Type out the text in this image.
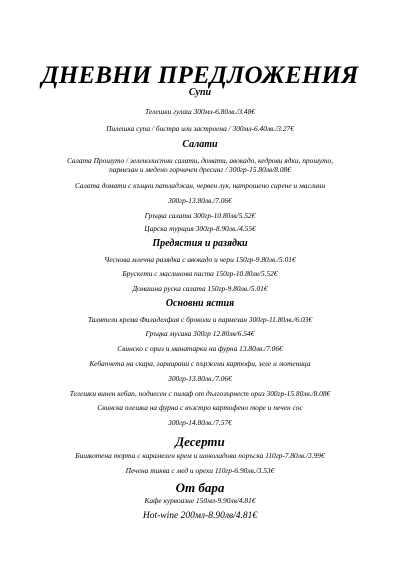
ДНЕВНИ ПРЕДЛОЖЕНИЯ
Супи
Телешки гулаш 300мл-6.80лв./3.48€
Пилешка супа / бистра или застроена / 300мл-6.40лв./3.27€
Салати
Салата Прошуто / зеленолистни салати, домати, авокадо, кедрови ядки, прошуто,
пармезан и медено горчичен дресинг / 300гр-15.80лв/8.08€
Салата домати с къщни патладжан, червен лук, натрошено сирене и маслини
300гр-13.80лв./7.06€
Гръцка салата 300гр-10.80лв/5.52€
Царска турщия 300гр-8.90лв./4.55€
Предястия и разядки
Чеснова млечна разядка с авокадо и чери 150гр-9.80лв./5.01€
Брускети с маслинова паста 150гр-10.80лв/5.52€
Домашна руска салата 150гр-9.80лв./5.01€
Основни ястия
Талятели крема Филаделфия с броколи и пармезан 300гр-11.80лв./6.03€
Гръцка мусака 300гр 12.80лв/6.54€
Свинско с ориз и манатарки на фурна 13.80лв./7.06€
Кебапчета на скара, гарнирани с пържени картофи, зеле и лютеница
300гр-13.80лв./7.06€
Телешки винен кебап, поднесен с пилаф от дългозърнест ориз 300гр-15.80лв./8.08€
Свинска плешка на фурна с възстро картофено пюре и печен сос
300гр-14.80лв./7.57€
Десерти
Бишкотена торта с карамелен крем и шоколадова поръска 110гр-7.80лв./3.99€
Печена тиква с мед и орехи 110гр-6.90лв./3.53€
От бара
Кафе курвоазие 150мл-9.90лв/4.81€
Hot-wine 200мл-8.90лв/4.81€
